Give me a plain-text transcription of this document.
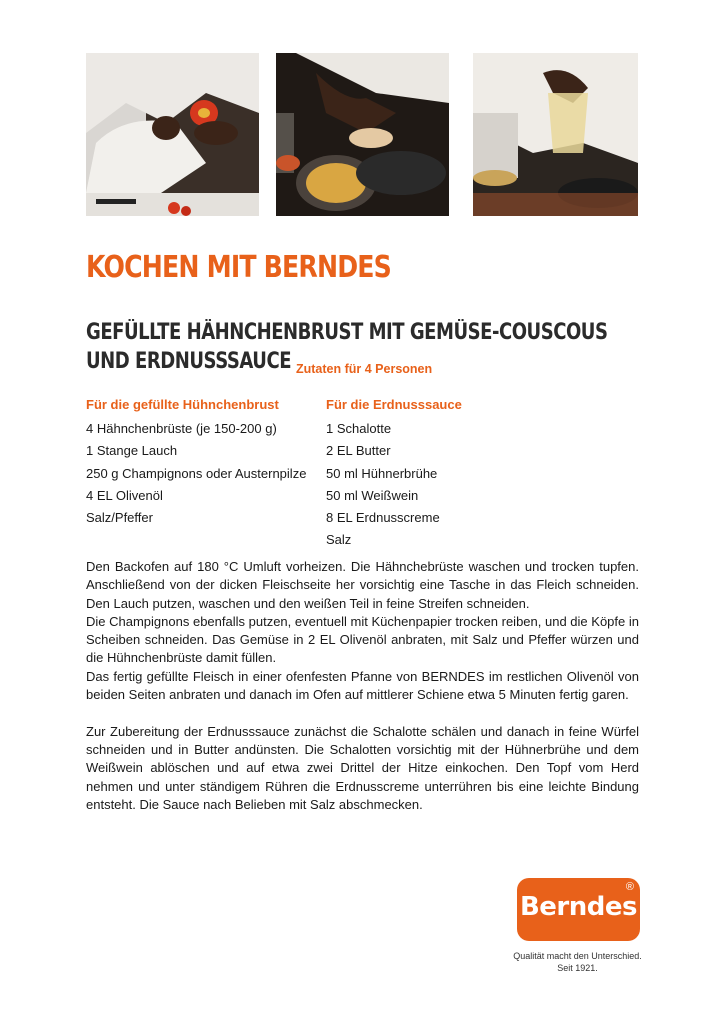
KOCHEN MIT BERNDES
GEFÜLLTE HÄHNCHENBRUST MIT GEMÜSE-COUSCOUS
UND ERDNUSSSAUCE Zutaten für 4 Personen
Für die gefüllte Hühnchenbrust
4 Hähnchenbrüste (je 150-200 g)
1 Stange Lauch
250 g Champignons oder Austernpilze
4 EL Olivenöl
Salz/Pfeffer
Für die Erdnusssauce
1 Schalotte
2 EL Butter
50 ml Hühnerbrühe
50 ml Weißwein
8 EL Erdnusscreme
Salz

Den Backofen auf 180 °C Umluft vorheizen. Die Hähnchebrüste waschen und trocken tupfen. Anschließend von der dicken Fleischseite her vorsichtig eine Tasche in das Fleich schneiden. Den Lauch putzen, waschen und den weißen Teil in feine Streifen schneiden.

Die Champignons ebenfalls putzen, eventuell mit Küchenpapier trocken reiben, und die Köpfe in Scheiben schneiden. Das Gemüse in 2 EL Olivenöl anbraten, mit Salz und Pfeffer würzen und die Hühnchenbrüste damit füllen.

Das fertig gefüllte Fleisch in einer ofenfesten Pfanne von BERNDES im restlichen Olivenöl von beiden Seiten anbraten und danach im Ofen auf mittlerer Schiene etwa 5 Minuten fertig garen.

Zur Zubereitung der Erdnusssauce zunächst die Schalotte schälen und danach in feine Würfel schneiden und in Butter andünsten. Die Schalotten vorsichtig mit der Hühnerbrühe und dem Weißwein ablöschen und auf etwa zwei Drittel der Hitze einkochen. Den Topf vom Herd nehmen und unter ständigem Rühren die Erdnusscreme unterrühren bis eine leichte Bindung entsteht. Die Sauce nach Belieben mit Salz abschmecken.

®
Berndes
Qualität macht den Unterschied.
Seit 1921.
